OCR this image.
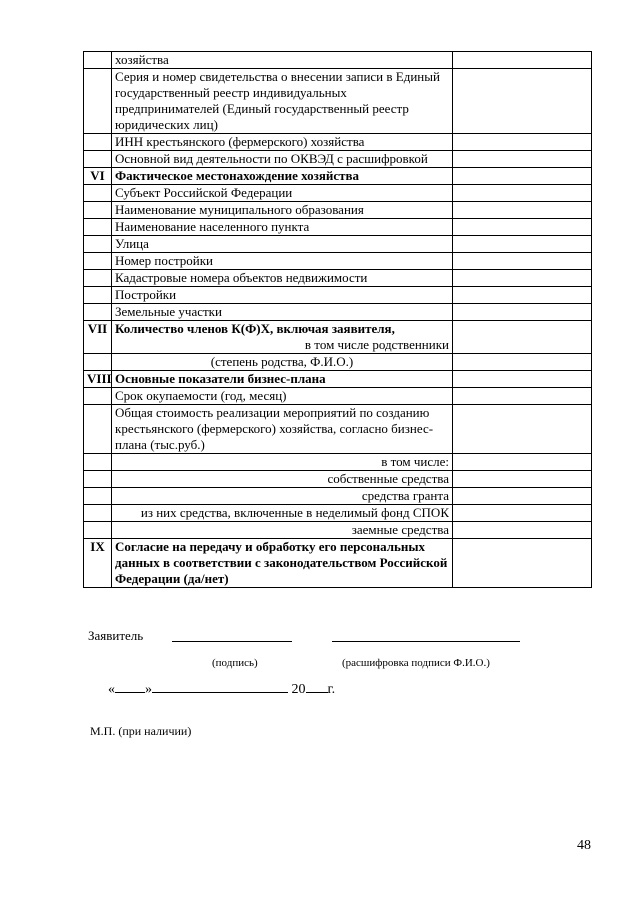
	хозяйства	
	Серия и номер свидетельства о внесении записи в Единый государственный реестр индивидуальных предпринимателей (Единый государственный реестр юридических лиц)	
	ИНН крестьянского (фермерского) хозяйства	
	Основной вид деятельности по ОКВЭД с расшифровкой	
VI	Фактическое местонахождение хозяйства	
	Субъект Российской Федерации	
	Наименование муниципального образования	
	Наименование населенного пункта	
	Улица	
	Номер постройки	
	Кадастровые номера объектов недвижимости	
	Постройки	
	Земельные участки	
VII	Количество членов К(Ф)Х, включая заявителя,
в том числе родственники	

	(степень родства, Ф.И.О.)	
VIII	Основные показатели бизнес-плана	
	Срок окупаемости (год, месяц)	
	Общая стоимость реализации мероприятий по созданию крестьянского (фермерского) хозяйства, согласно бизнес-плана (тыс.руб.)	
	в том числе:	
	собственные средства	
	средства гранта	
	из них средства, включенные в неделимый фонд СПОК	
	заемные средства	
IX	Согласие на передачу и обработку его персональных данных в соответствии с законодательством Российской Федерации (да/нет)	
Заявитель
(подпись)	(расшифровка подписи Ф.И.О.)
« »	20 г.
М.П. (при наличии)
48
